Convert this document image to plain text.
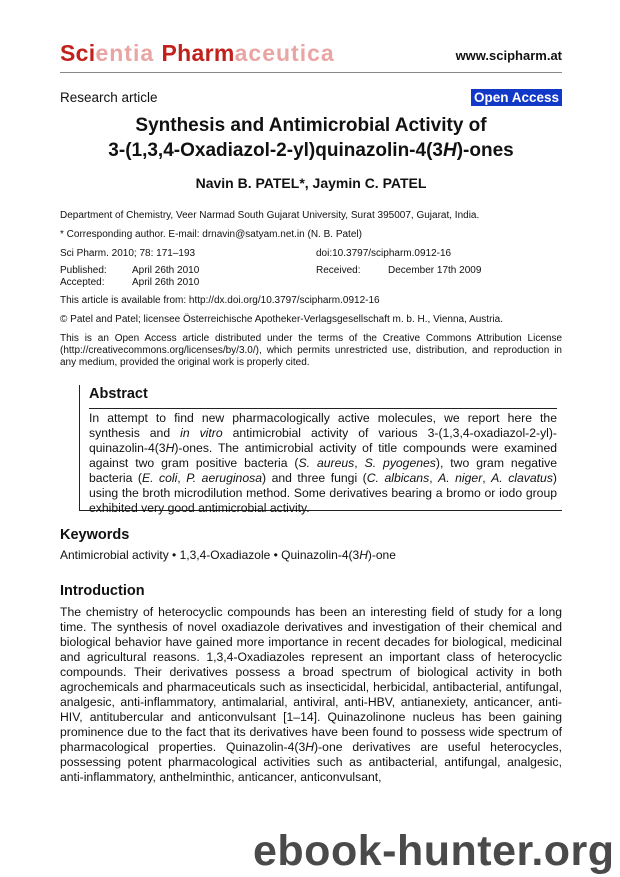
Scientia Pharmaceutica	www.scipharm.at
Research article	Open Access
Synthesis and Antimicrobial Activity of
3-(1,3,4-Oxadiazol-2-yl)quinazolin-4(3H)-ones
Navin B. PATEL*, Jaymin C. PATEL
Department of Chemistry, Veer Narmad South Gujarat University, Surat 395007, Gujarat, India.
* Corresponding author. E-mail: drnavin@satyam.net.in (N. B. Patel)
Sci Pharm. 2010; 78: 171–193	doi:10.3797/scipharm.0912-16
Published:	April 26th 2010	Received:	December 17th 2009
Accepted:	April 26th 2010
This article is available from: http://dx.doi.org/10.3797/scipharm.0912-16
© Patel and Patel; licensee Österreichische Apotheker-Verlagsgesellschaft m. b. H., Vienna, Austria.
This is an Open Access article distributed under the terms of the Creative Commons Attribution License (http://creativecommons.org/licenses/by/3.0/), which permits unrestricted use, distribution, and reproduction in any medium, provided the original work is properly cited.
Abstract
In attempt to find new pharmacologically active molecules, we report here the synthesis and in vitro antimicrobial activity of various 3-(1,3,4-oxadiazol-2-yl)-quinazolin-4(3H)-ones. The antimicrobial activity of title compounds were examined against two gram positive bacteria (S. aureus, S. pyogenes), two gram negative bacteria (E. coli, P. aeruginosa) and three fungi (C. albicans, A. niger, A. clavatus) using the broth microdilution method. Some derivatives bearing a bromo or iodo group exhibited very good antimicrobial activity.
Keywords
Antimicrobial activity • 1,3,4-Oxadiazole • Quinazolin-4(3H)-one
Introduction
The chemistry of heterocyclic compounds has been an interesting field of study for a long time. The synthesis of novel oxadiazole derivatives and investigation of their chemical and biological behavior have gained more importance in recent decades for biological, medicinal and agricultural reasons. 1,3,4-Oxadiazoles represent an important class of heterocyclic compounds. Their derivatives possess a broad spectrum of biological activity in both agrochemicals and pharmaceuticals such as insecticidal, herbicidal, antibacterial, antifungal, analgesic, anti-inflammatory, antimalarial, antiviral, anti-HBV, antianexiety, anticancer, anti-HIV, antitubercular and anticonvulsant [1–14]. Quinazolinone nucleus has been gaining prominence due to the fact that its derivatives have been found to possess wide spectrum of pharmacological properties. Quinazolin-4(3H)-one derivatives are useful heterocycles, possessing potent pharmacological activities such as antibacterial, antifungal, analgesic, anti-inflammatory, anthelminthic, anticancer, anticonvulsant,
ebook-hunter.org
